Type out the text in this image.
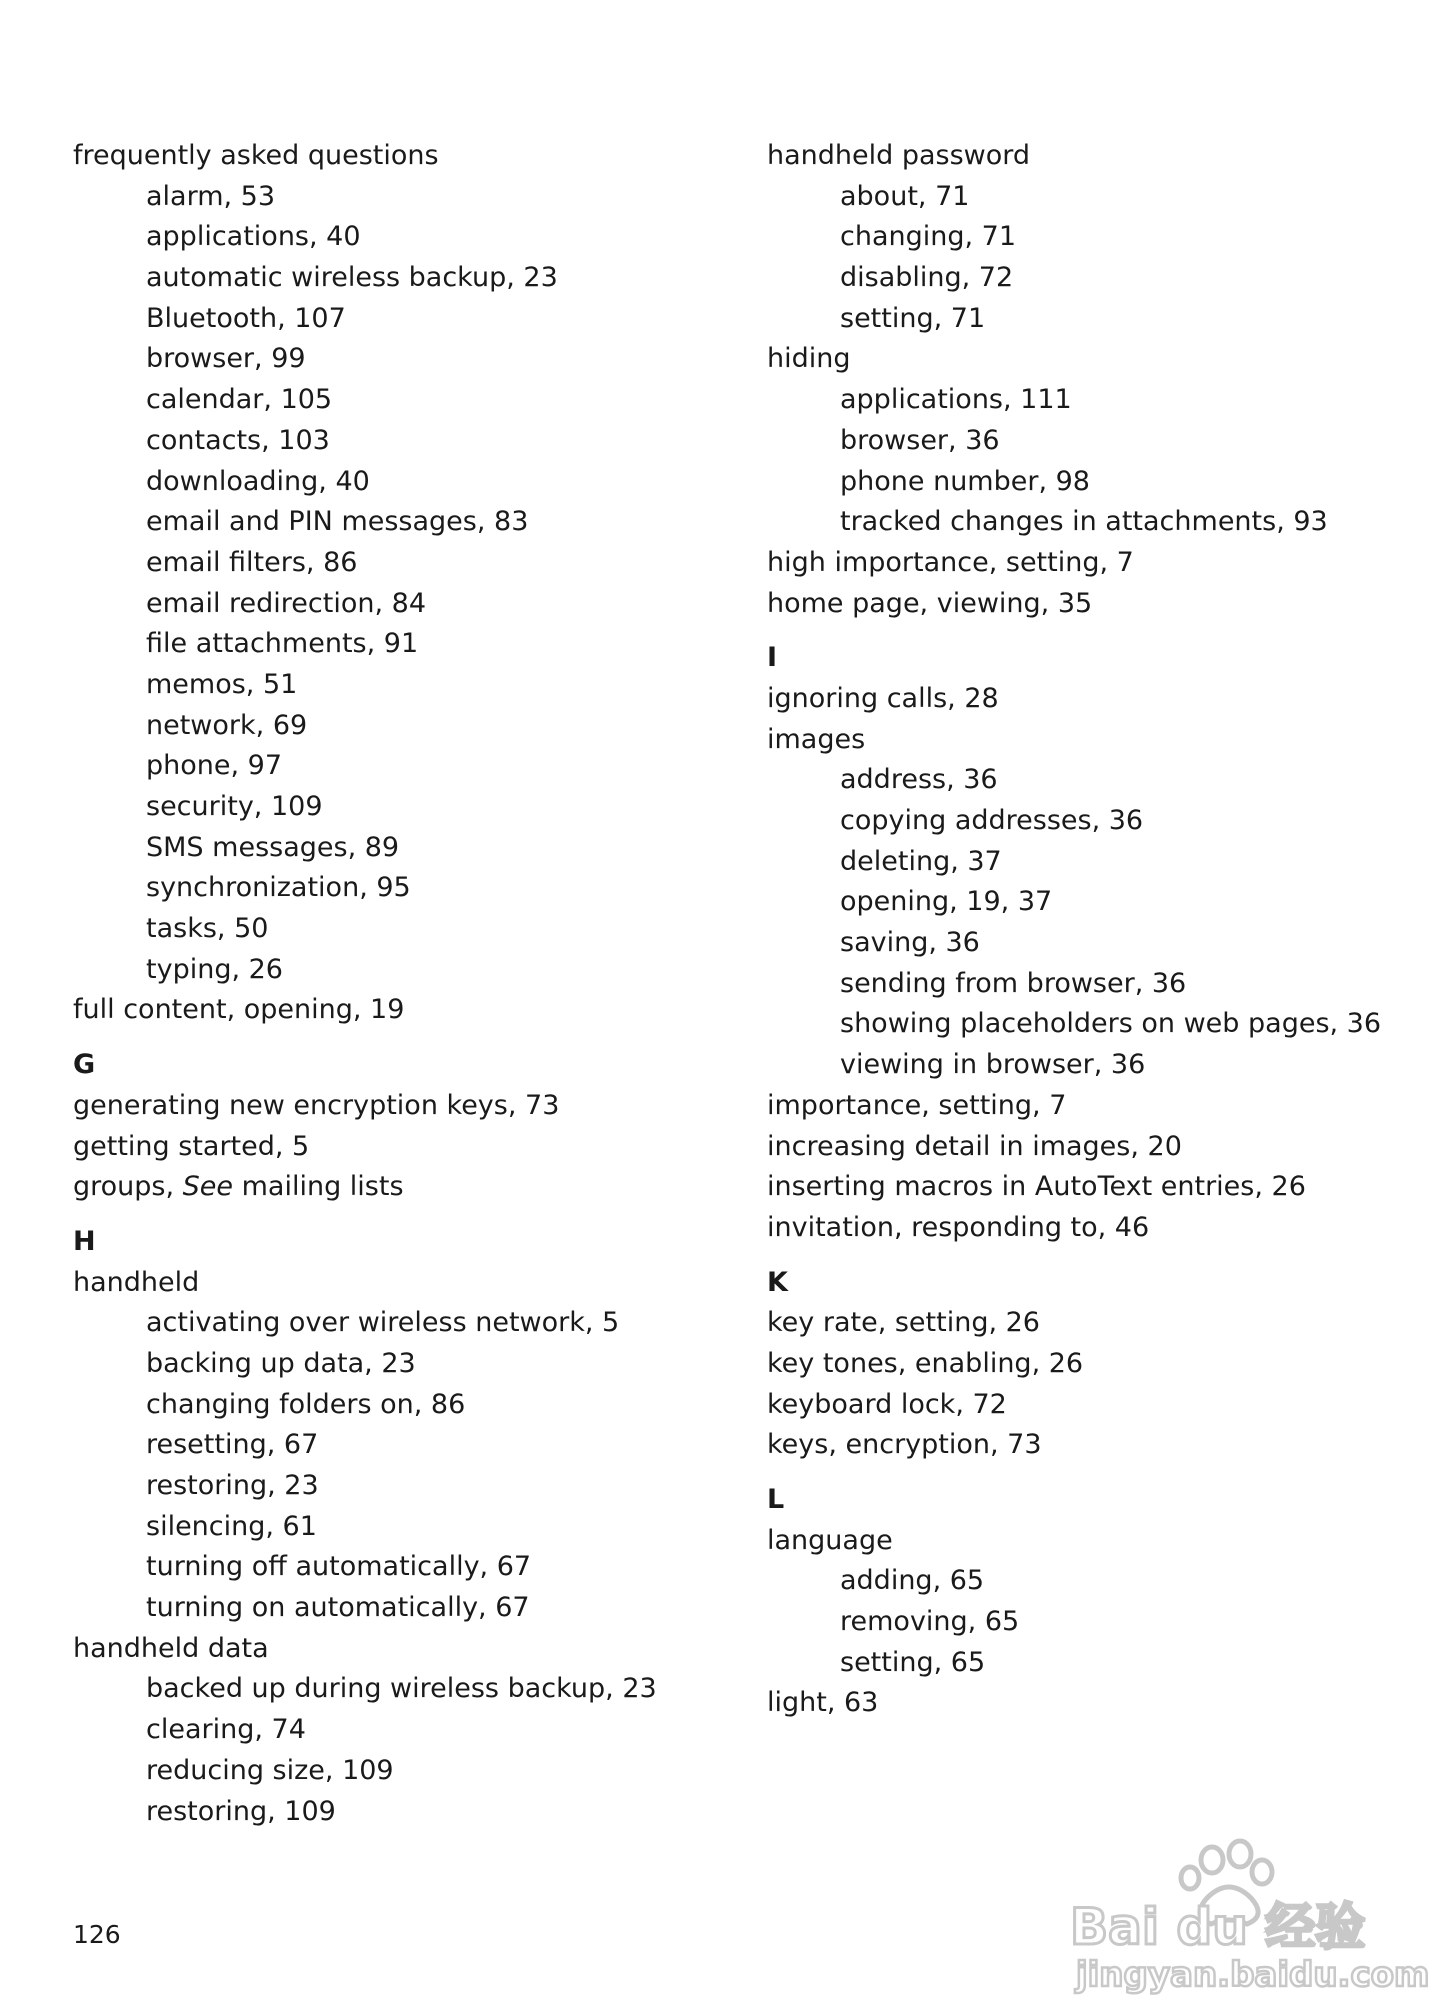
frequently asked questions
alarm, 53
applications, 40
automatic wireless backup, 23
Bluetooth, 107
browser, 99
calendar, 105
contacts, 103
downloading, 40
email and PIN messages, 83
email filters, 86
email redirection, 84
file attachments, 91
memos, 51
network, 69
phone, 97
security, 109
SMS messages, 89
synchronization, 95
tasks, 50
typing, 26
full content, opening, 19
G
generating new encryption keys, 73
getting started, 5
groups, See mailing lists
H
handheld
activating over wireless network, 5
backing up data, 23
changing folders on, 86
resetting, 67
restoring, 23
silencing, 61
turning off automatically, 67
turning on automatically, 67
handheld data
backed up during wireless backup, 23
clearing, 74
reducing size, 109
restoring, 109
handheld password
about, 71
changing, 71
disabling, 72
setting, 71
hiding
applications, 111
browser, 36
phone number, 98
tracked changes in attachments, 93
high importance, setting, 7
home page, viewing, 35
I
ignoring calls, 28
images
address, 36
copying addresses, 36
deleting, 37
opening, 19, 37
saving, 36
sending from browser, 36
showing placeholders on web pages, 36
viewing in browser, 36
importance, setting, 7
increasing detail in images, 20
inserting macros in AutoText entries, 26
invitation, responding to, 46
K
key rate, setting, 26
key tones, enabling, 26
keyboard lock, 72
keys, encryption, 73
L
language
adding, 65
removing, 65
setting, 65
light, 63
126	Bai du 经验
jingyan.baidu.com
